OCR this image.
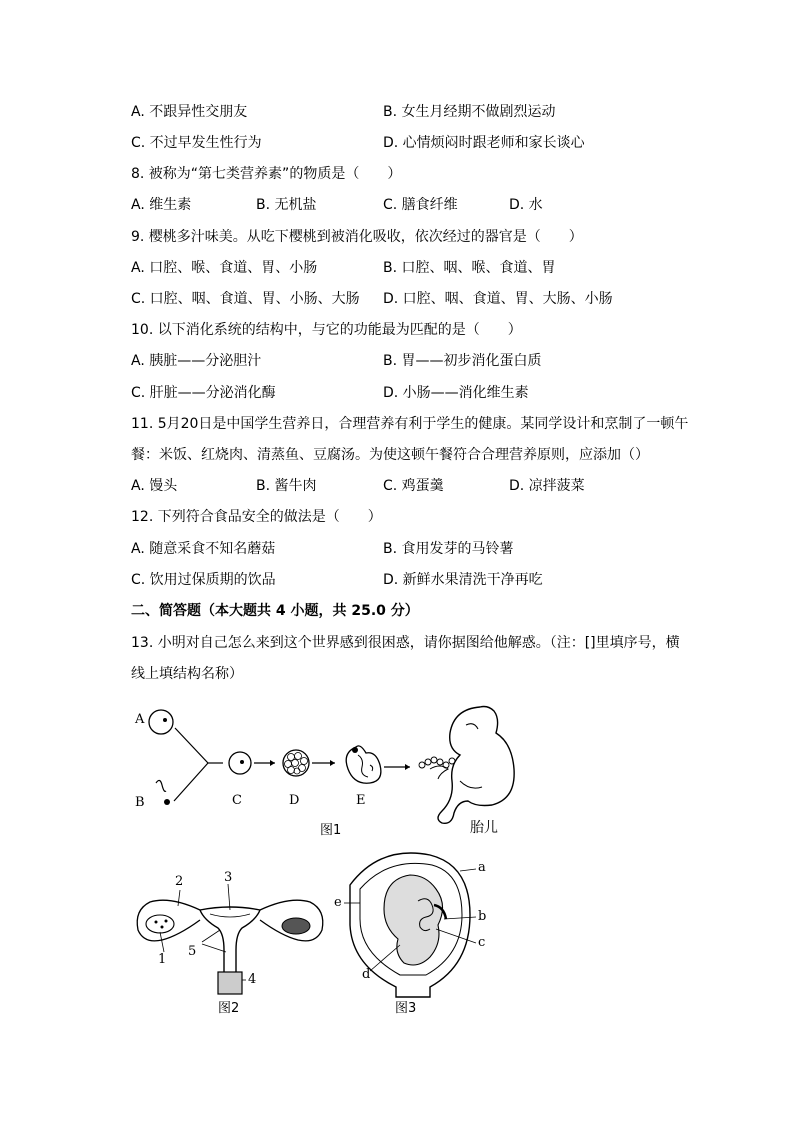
A. 不跟异性交朋友	B. 女生月经期不做剧烈运动
C. 不过早发生性行为	D. 心情烦闷时跟老师和家长谈心
8. 被称为“第七类营养素”的物质是（　　）
A. 维生素	B. 无机盐	C. 膳食纤维	D. 水
9. 樱桃多汁味美。从吃下樱桃到被消化吸收，依次经过的器官是（　　）
A. 口腔、喉、食道、胃、小肠	B. 口腔、咽、喉、食道、胃
C. 口腔、咽、食道、胃、小肠、大肠 D. 口腔、咽、食道、胃、大肠、小肠
10. 以下消化系统的结构中，与它的功能最为匹配的是（　　）
A. 胰脏——分泌胆汁	B. 胃——初步消化蛋白质
C. 肝脏——分泌消化酶	D. 小肠——消化维生素
11. 5月20日是中国学生营养日，合理营养有利于学生的健康。某同学设计和烹制了一顿午
餐：米饭、红烧肉、清蒸鱼、豆腐汤。为使这顿午餐符合合理营养原则，应添加（）
A. 馒头	B. 酱牛肉	C. 鸡蛋羹	D. 凉拌菠菜
12. 下列符合食品安全的做法是（　　）
A. 随意采食不知名蘑菇	B. 食用发芽的马铃薯
C. 饮用过保质期的饮品	D. 新鲜水果清洗干净再吃
二、简答题（本大题共 4 小题，共 25.0 分）
13. 小明对自己怎么来到这个世界感到很困惑，请你据图给他解惑。（注：[]里填序号，横
线上填结构名称）
A
B	C	D	E
图1	胎儿
2	3
1
5
4
图2
a
b
c
d
e
图3
